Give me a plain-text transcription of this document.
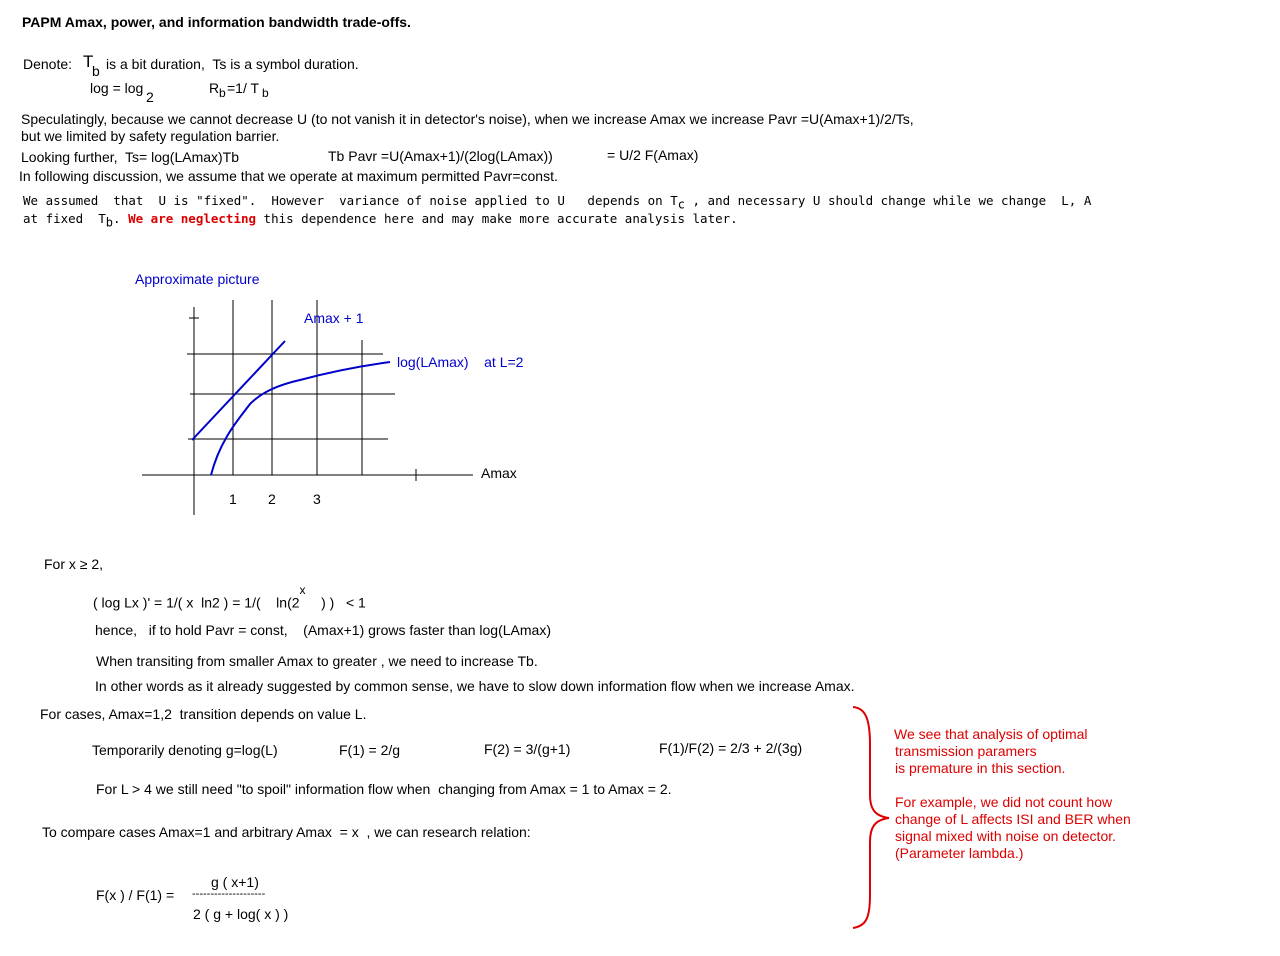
PAPM Amax, power, and information bandwidth trade-offs.
Denote: T
b is a bit duration,  Ts is a symbol duration.
log = log
2
R b =1/ T b
Speculatingly, because we cannot decrease U (to not vanish it in detector's noise), when we increase Amax we increase Pavr =U(Amax+1)/2/Ts,
but we limited by safety regulation barrier.
Looking further,  Ts= log(LAmax)Tb	Tb Pavr =U(Amax+1)/(2log(LAmax))	= U/2 F(Amax)
In following discussion, we assume that we operate at maximum permitted Pavr=const.
We assumed  that  U is "fixed".  However  variance of noise applied to U   depends on $T_c$ , and necessary U should change while we change  L, A
at fixed  $T_b$. We are neglecting this dependence here and may make more accurate analysis later.
Approximate picture
Amax + 1
log(LAmax)    at L=2
Amax
1 2	3
For x ≥ 2,
( log Lx )' = 1/( x  ln2 ) = 1/(    ln(2$^x$    ) )   < 1
hence,   if to hold Pavr = const,    (Amax+1) grows faster than log(LAmax)
When transiting from smaller Amax to greater , we need to increase Tb.
In other words as it already suggested by common sense, we have to slow down information flow when we increase Amax.
For cases, Amax=1,2  transition depends on value L.
Temporarily denoting g=log(L)	F(1) = 2/g	F(2) = 3/(g+1)	F(1)/F(2) = 2/3 + 2/(3g)
For L > 4 we still need "to spoil" information flow when  changing from Amax = 1 to Amax = 2.
To compare cases Amax=1 and arbitrary Amax  = x  , we can research relation:
F(x ) / F(1) =
g ( x+1)
--------------------
2 ( g + log( x ) )
We see that analysis of optimal
transmission paramers
is premature in this section.
For example, we did not count how
change of L affects ISI and BER when
signal mixed with noise on detector.
(Parameter lambda.)
